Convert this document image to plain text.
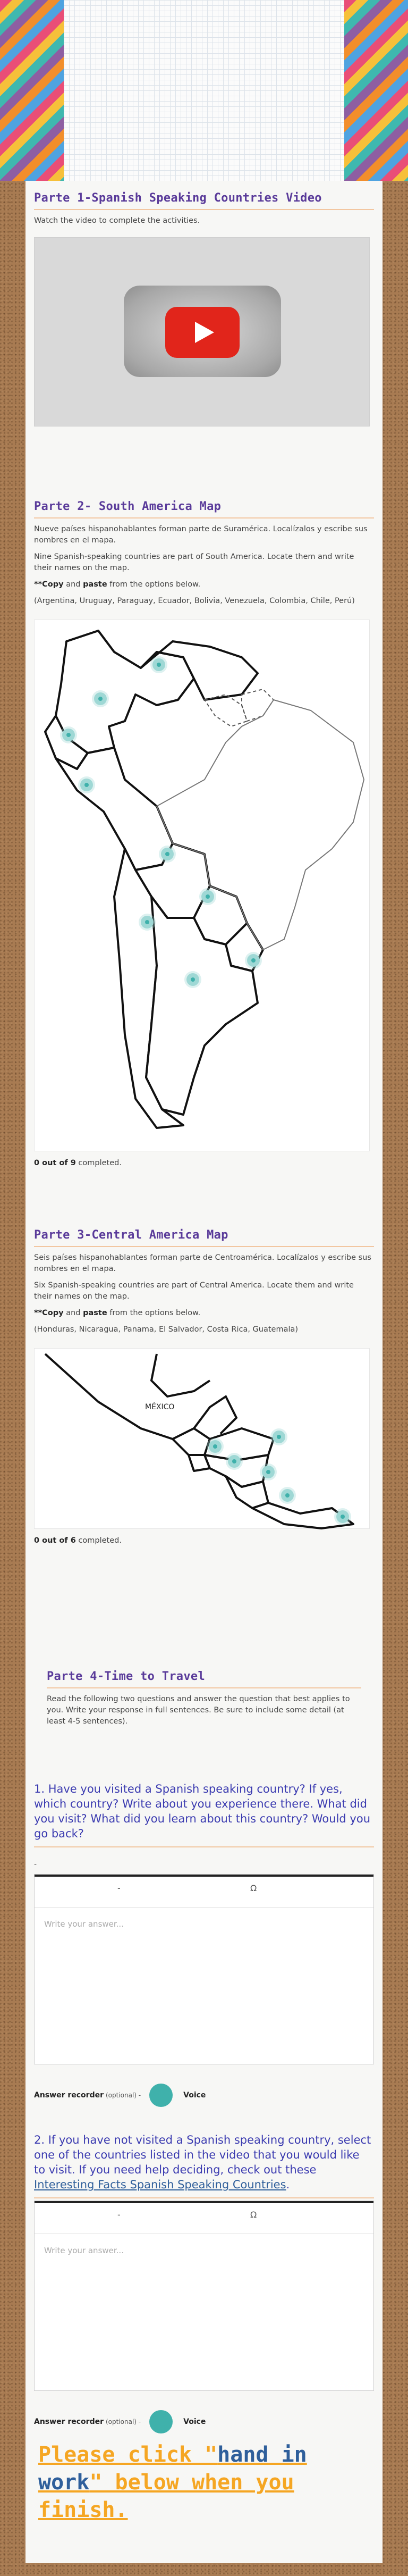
Parte 1-Spanish Speaking Countries Video
Watch the video to complete the activities.
Parte 2- South America Map
Nueve países hispanohablantes forman parte de Suramérica. Localízalos y escribe sus nombres en el mapa.
Nine Spanish-speaking countries are part of South America. Locate them and write their names on the map.
**Copy and paste from the options below.
(Argentina, Uruguay, Paraguay, Ecuador, Bolivia, Venezuela, Colombia, Chile, Perú)
0 out of 9 completed.
Parte 3-Central America Map
Seis países hispanohablantes forman parte de Centroamérica. Localízalos y escribe sus nombres en el mapa.
Six Spanish-speaking countries are part of Central America. Locate them and write their names on the map.
**Copy and paste from the options below.
(Honduras, Nicaragua, Panama, El Salvador, Costa Rica, Guatemala)
MÉXICO
0 out of 6 completed.
Parte 4-Time to Travel
Read the following two questions and answer the question that best applies to you. Write your response in full sentences. Be sure to include some detail (at least 4-5 sentences).
1. Have you visited a Spanish speaking country? If yes, which country? Write about you experience there. What did you visit? What did you learn about this country? Would you go back?
-
-	Ω
Write your answer...
Answer recorder (optional) -	Voice
2. If you have not visited a Spanish speaking country, select one of the countries listed in the video that you would like to visit. If you need help deciding, check out these Interesting Facts Spanish Speaking Countries.
-	Ω
Write your answer...
Answer recorder (optional) -	Voice
Please click "hand in work" below when you finish.
